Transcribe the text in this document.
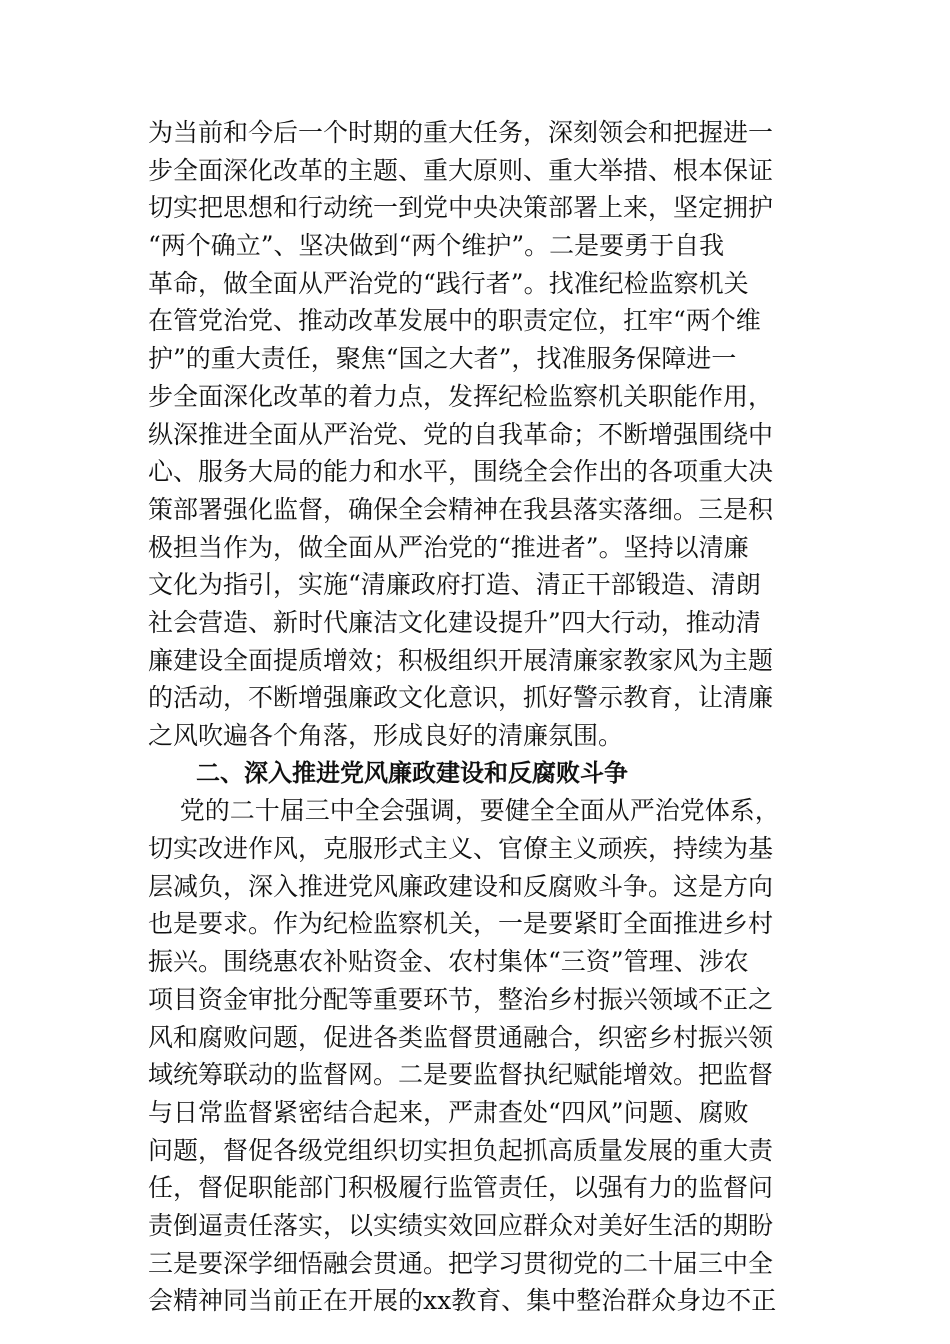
为当前和今后一个时期的重大任务，深刻领会和把握进一
步全面深化改革的主题、重大原则、重大举措、根本保证
切实把思想和行动统一到党中央决策部署上来，坚定拥护
“两个确立”、坚决做到“两个维护”。二是要勇于自我
革命，做全面从严治党的“践行者”。找准纪检监察机关
在管党治党、推动改革发展中的职责定位，扛牢“两个维
护”的重大责任，聚焦“国之大者”，找准服务保障进一
步全面深化改革的着力点，发挥纪检监察机关职能作用，
纵深推进全面从严治党、党的自我革命；不断增强围绕中
心、服务大局的能力和水平，围绕全会作出的各项重大决
策部署强化监督，确保全会精神在我县落实落细。三是积
极担当作为，做全面从严治党的“推进者”。坚持以清廉
文化为指引，实施“清廉政府打造、清正干部锻造、清朗
社会营造、新时代廉洁文化建设提升”四大行动，推动清
廉建设全面提质增效；积极组织开展清廉家教家风为主题
的活动，不断增强廉政文化意识，抓好警示教育，让清廉
之风吹遍各个角落，形成良好的清廉氛围。
二、深入推进党风廉政建设和反腐败斗争
党的二十届三中全会强调，要健全全面从严治党体系，
切实改进作风，克服形式主义、官僚主义顽疾，持续为基
层减负，深入推进党风廉政建设和反腐败斗争。这是方向
也是要求。作为纪检监察机关，一是要紧盯全面推进乡村
振兴。围绕惠农补贴资金、农村集体“三资”管理、涉农
项目资金审批分配等重要环节，整治乡村振兴领域不正之
风和腐败问题，促进各类监督贯通融合，织密乡村振兴领
域统筹联动的监督网。二是要监督执纪赋能增效。把监督
与日常监督紧密结合起来，严肃查处“四风”问题、腐败
问题，督促各级党组织切实担负起抓高质量发展的重大责
任，督促职能部门积极履行监管责任，以强有力的监督问
责倒逼责任落实，以实绩实效回应群众对美好生活的期盼
三是要深学细悟融会贯通。把学习贯彻党的二十届三中全
会精神同当前正在开展的xx教育、集中整治群众身边不正
